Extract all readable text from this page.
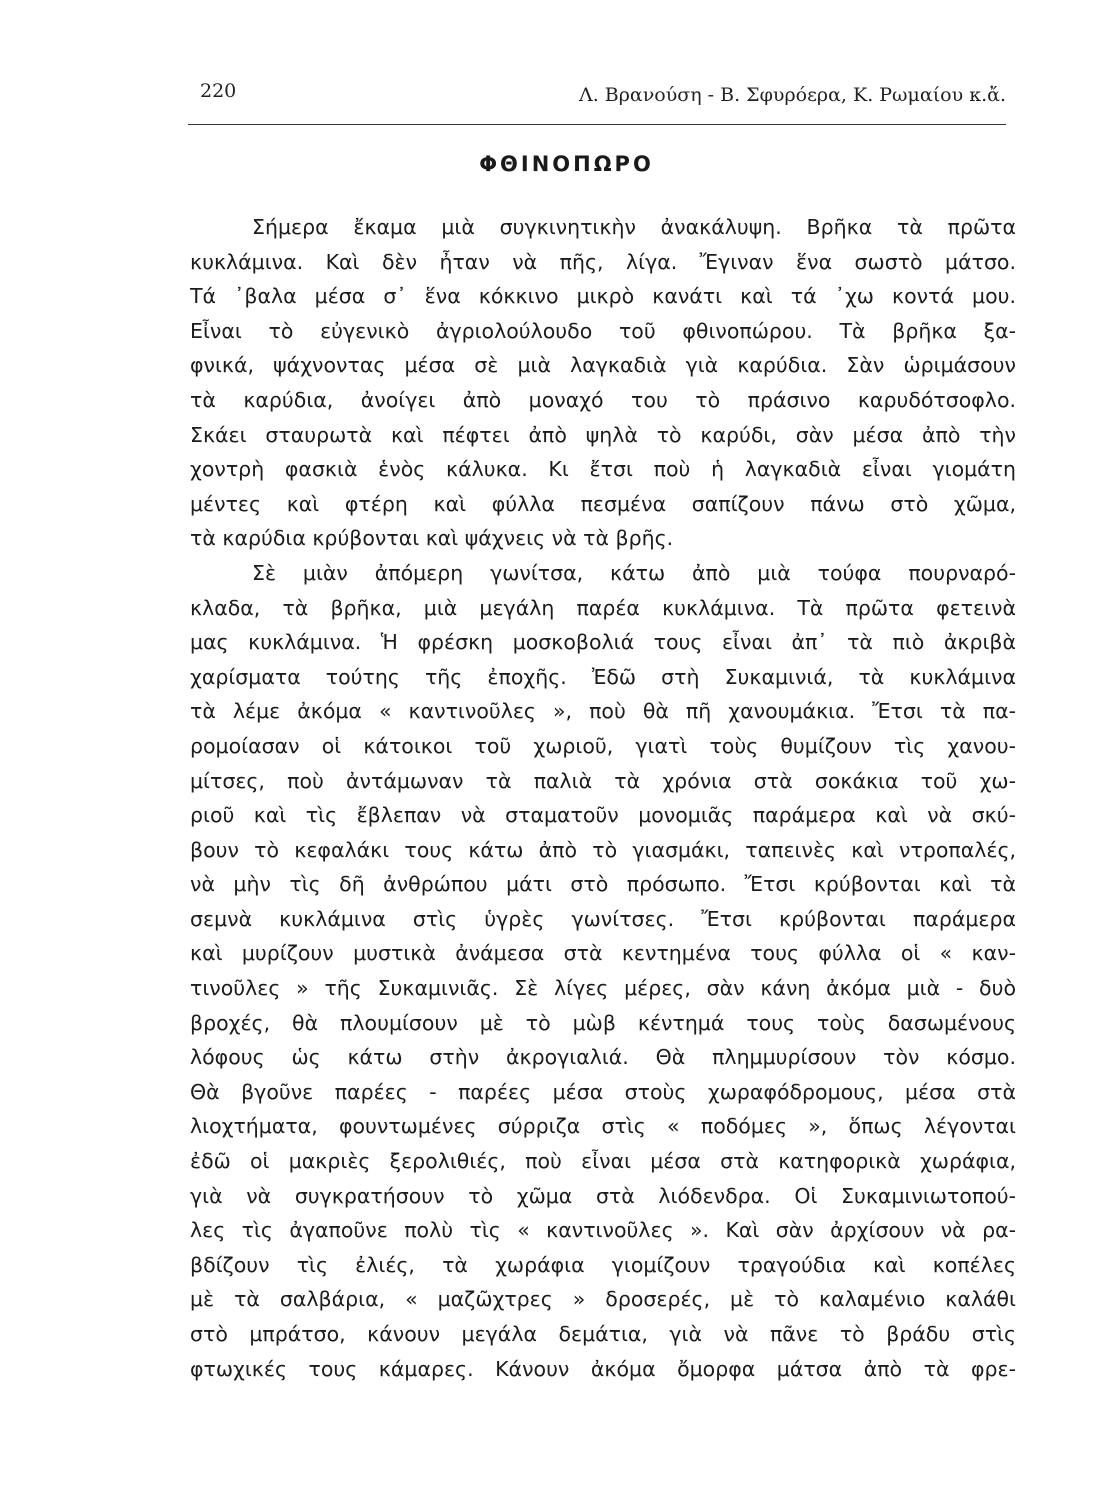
220	Λ. Βρανούση - Β. Σφυρόερα, Κ. Ρωμαίου κ.ἄ.
ΦΘΙΝΟΠΩΡΟ
Σήμερα ἔκαμα μιὰ συγκινητικὴν ἀνακάλυψη. Βρῆκα τὰ πρῶτα
κυκλάμινα. Καὶ δὲν ἦταν νὰ πῆς, λίγα. Ἔγιναν ἕνα σωστὸ μάτσο.
Τά ᾿βαλα μέσα σ᾿ ἕνα κόκκινο μικρὸ κανάτι καὶ τά ᾿χω κοντά μου.
Εἶναι τὸ εὐγενικὸ ἀγριολούλουδο τοῦ φθινοπώρου. Τὰ βρῆκα ξα-
φνικά, ψάχνοντας μέσα σὲ μιὰ λαγκαδιὰ γιὰ καρύδια. Σὰν ὡριμάσουν
τὰ καρύδια, ἀνοίγει ἀπὸ μοναχό του τὸ πράσινο καρυδότσοφλο.
Σκάει σταυρωτὰ καὶ πέφτει ἀπὸ ψηλὰ τὸ καρύδι, σὰν μέσα ἀπὸ τὴν
χοντρὴ φασκιὰ ἑνὸς κάλυκα. Κι ἔτσι ποὺ ἡ λαγκαδιὰ εἶναι γιομάτη
μέντες καὶ φτέρη καὶ φύλλα πεσμένα σαπίζουν πάνω στὸ χῶμα,
τὰ καρύδια κρύβονται καὶ ψάχνεις νὰ τὰ βρῆς.
Σὲ μιὰν ἀπόμερη γωνίτσα, κάτω ἀπὸ μιὰ τούφα πουρναρό-
κλαδα, τὰ βρῆκα, μιὰ μεγάλη παρέα κυκλάμινα. Τὰ πρῶτα φετεινὰ
μας κυκλάμινα. Ἡ φρέσκη μοσκοβολιά τους εἶναι ἀπ᾿ τὰ πιὸ ἀκριβὰ
χαρίσματα τούτης τῆς ἐποχῆς. Ἐδῶ στὴ Συκαμινιά, τὰ κυκλάμινα
τὰ λέμε ἀκόμα « καντινοῦλες », ποὺ θὰ πῆ χανουμάκια. Ἔτσι τὰ πα-
ρομοίασαν οἱ κάτοικοι τοῦ χωριοῦ, γιατὶ τοὺς θυμίζουν τὶς χανου-
μίτσες, ποὺ ἀντάμωναν τὰ παλιὰ τὰ χρόνια στὰ σοκάκια τοῦ χω-
ριοῦ καὶ τὶς ἔβλεπαν νὰ σταματοῦν μονομιᾶς παράμερα καὶ νὰ σκύ-
βουν τὸ κεφαλάκι τους κάτω ἀπὸ τὸ γιασμάκι, ταπεινὲς καὶ ντροπαλές,
νὰ μὴν τὶς δῆ ἀνθρώπου μάτι στὸ πρόσωπο. Ἔτσι κρύβονται καὶ τὰ
σεμνὰ κυκλάμινα στὶς ὑγρὲς γωνίτσες. Ἔτσι κρύβονται παράμερα
καὶ μυρίζουν μυστικὰ ἀνάμεσα στὰ κεντημένα τους φύλλα οἱ « καν-
τινοῦλες » τῆς Συκαμινιᾶς. Σὲ λίγες μέρες, σὰν κάνη ἀκόμα μιὰ - δυὸ
βροχές, θὰ πλουμίσουν μὲ τὸ μὼβ κέντημά τους τοὺς δασωμένους
λόφους ὡς κάτω στὴν ἀκρογιαλιά. Θὰ πλημμυρίσουν τὸν κόσμο.
Θὰ βγοῦνε παρέες - παρέες μέσα στοὺς χωραφόδρομους, μέσα στὰ
λιοχτήματα, φουντωμένες σύρριζα στὶς « ποδόμες », ὅπως λέγονται
ἐδῶ οἱ μακριὲς ξερολιθιές, ποὺ εἶναι μέσα στὰ κατηφορικὰ χωράφια,
γιὰ νὰ συγκρατήσουν τὸ χῶμα στὰ λιόδενδρα. Οἱ Συκαμινιωτοπού-
λες τὶς ἀγαποῦνε πολὺ τὶς « καντινοῦλες ». Καὶ σὰν ἀρχίσουν νὰ ρα-
βδίζουν τὶς ἐλιές, τὰ χωράφια γιομίζουν τραγούδια καὶ κοπέλες
μὲ τὰ σαλβάρια, « μαζῶχτρες » δροσερές, μὲ τὸ καλαμένιο καλάθι
στὸ μπράτσο, κάνουν μεγάλα δεμάτια, γιὰ νὰ πᾶνε τὸ βράδυ στὶς
φτωχικές τους κάμαρες. Κάνουν ἀκόμα ὄμορφα μάτσα ἀπὸ τὰ φρε-
